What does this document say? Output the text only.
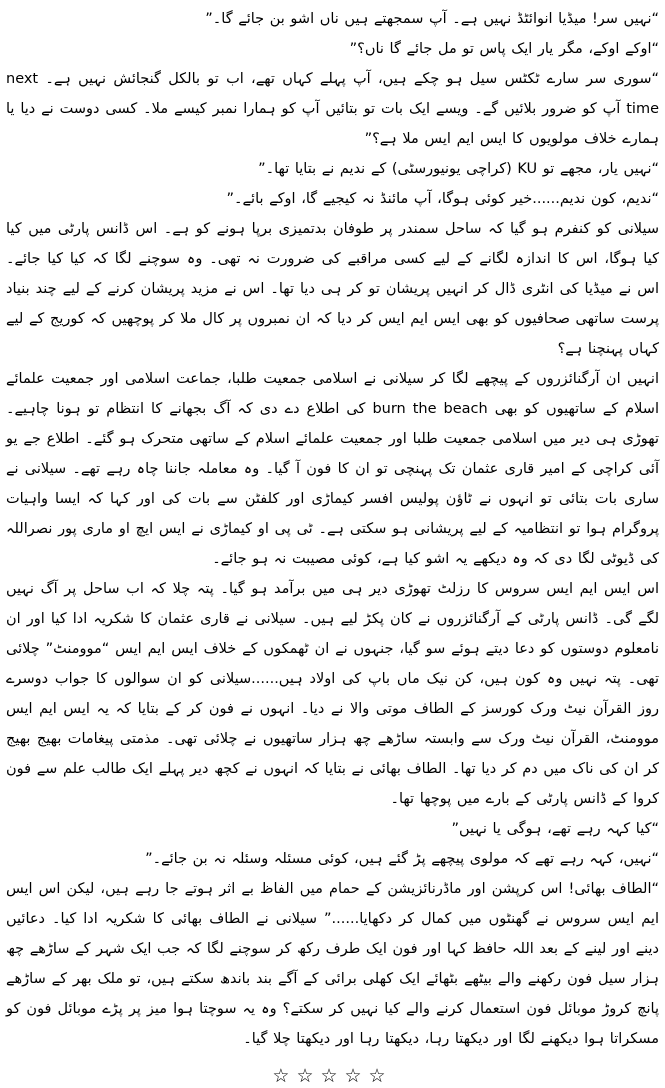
“نہیں سر! میڈیا انوائٹڈ نہیں ہے۔ آپ سمجھتے ہیں ناں اشو بن جائے گا۔”

“اوکے اوکے، مگر یار ایک پاس تو مل جائے گا ناں؟”

“سوری سر سارے ٹکٹس سیل ہو چکے ہیں، آپ پہلے کہاں تھے، اب تو بالکل گنجائش نہیں ہے۔ next time آپ کو ضرور بلائیں گے۔ ویسے ایک بات تو بتائیں آپ کو ہمارا نمبر کیسے ملا۔ کسی دوست نے دیا یا ہمارے خلاف مولویوں کا ایس ایم ایس ملا ہے؟”

“نہیں یار، مجھے تو KU (کراچی یونیورسٹی) کے ندیم نے بتایا تھا۔”

“ندیم، کون ندیم......خیر کوئی ہوگا، آپ مائنڈ نہ کیجیے گا، اوکے بائے۔”

سیلانی کو کنفرم ہو گیا کہ ساحل سمندر پر طوفان بدتمیزی برپا ہونے کو ہے۔ اس ڈانس پارٹی میں کیا کیا ہوگا، اس کا اندازہ لگانے کے لیے کسی مراقبے کی ضرورت نہ تھی۔ وہ سوچنے لگا کہ کیا کیا جائے۔ اس نے میڈیا کی انٹری ڈال کر انہیں پریشان تو کر ہی دیا تھا۔ اس نے مزید پریشان کرنے کے لیے چند بنیاد پرست ساتھی صحافیوں کو بھی ایس ایم ایس کر دیا کہ ان نمبروں پر کال ملا کر پوچھیں کہ کوریج کے لیے کہاں پہنچنا ہے؟

انہیں ان آرگنائزروں کے پیچھے لگا کر سیلانی نے اسلامی جمعیت طلبا، جماعت اسلامی اور جمعیت علمائے اسلام کے ساتھیوں کو بھی burn the beach کی اطلاع دے دی کہ آگ بجھانے کا انتظام تو ہونا چاہیے۔ تھوڑی ہی دیر میں اسلامی جمعیت طلبا اور جمعیت علمائے اسلام کے ساتھی متحرک ہو گئے۔ اطلاع جے یو آئی کراچی کے امیر قاری عثمان تک پہنچی تو ان کا فون آ گیا۔ وہ معاملہ جاننا چاہ رہے تھے۔ سیلانی نے ساری بات بتائی تو انہوں نے ٹاؤن پولیس افسر کیماڑی اور کلفٹن سے بات کی اور کہا کہ ایسا واہیات پروگرام ہوا تو انتظامیہ کے لیے پریشانی ہو سکتی ہے۔ ٹی پی او کیماڑی نے ایس ایچ او ماری پور نصراللہ کی ڈیوٹی لگا دی کہ وہ دیکھے یہ اشو کیا ہے، کوئی مصیبت نہ ہو جائے۔

اس ایس ایم ایس سروس کا رزلٹ تھوڑی دیر ہی میں برآمد ہو گیا۔ پتہ چلا کہ اب ساحل پر آگ نہیں لگے گی۔ ڈانس پارٹی کے آرگنائزروں نے کان پکڑ لیے ہیں۔ سیلانی نے قاری عثمان کا شکریہ ادا کیا اور ان نامعلوم دوستوں کو دعا دیتے ہوئے سو گیا، جنہوں نے ان ٹھمکوں کے خلاف ایس ایم ایس “موومنٹ” چلائی تھی۔ پتہ نہیں وہ کون ہیں، کن نیک ماں باپ کی اولاد ہیں......سیلانی کو ان سوالوں کا جواب دوسرے روز القرآن نیٹ ورک کورسز کے الطاف موتی والا نے دیا۔ انہوں نے فون کر کے بتایا کہ یہ ایس ایم ایس موومنٹ، القرآن نیٹ ورک سے وابستہ ساڑھے چھ ہزار ساتھیوں نے چلائی تھی۔ مذمتی پیغامات بھیج بھیج کر ان کی ناک میں دم کر دیا تھا۔ الطاف بھائی نے بتایا کہ انہوں نے کچھ دیر پہلے ایک طالب علم سے فون کروا کے ڈانس پارٹی کے بارے میں پوچھا تھا۔

“کیا کہہ رہے تھے، ہوگی یا نہیں”

“نہیں، کہہ رہے تھے کہ مولوی پیچھے پڑ گئے ہیں، کوئی مسئلہ وسئلہ نہ بن جائے۔”

“الطاف بھائی! اس کرپشن اور ماڈرنائزیشن کے حمام میں الفاظ بے اثر ہوتے جا رہے ہیں، لیکن اس ایس ایم ایس سروس نے گھنٹوں میں کمال کر دکھایا......” سیلانی نے الطاف بھائی کا شکریہ ادا کیا۔ دعائیں دینے اور لینے کے بعد اللہ حافظ کہا اور فون ایک طرف رکھ کر سوچنے لگا کہ جب ایک شہر کے ساڑھے چھ ہزار سیل فون رکھنے والے بیٹھے بٹھائے ایک کھلی برائی کے آگے بند باندھ سکتے ہیں، تو ملک بھر کے ساڑھے پانچ کروڑ موبائل فون استعمال کرنے والے کیا نہیں کر سکتے؟ وہ یہ سوچتا ہوا میز پر پڑے موبائل فون کو مسکراتا ہوا دیکھنے لگا اور دیکھتا رہا، دیکھتا رہا اور دیکھتا چلا گیا۔

☆☆☆☆☆
